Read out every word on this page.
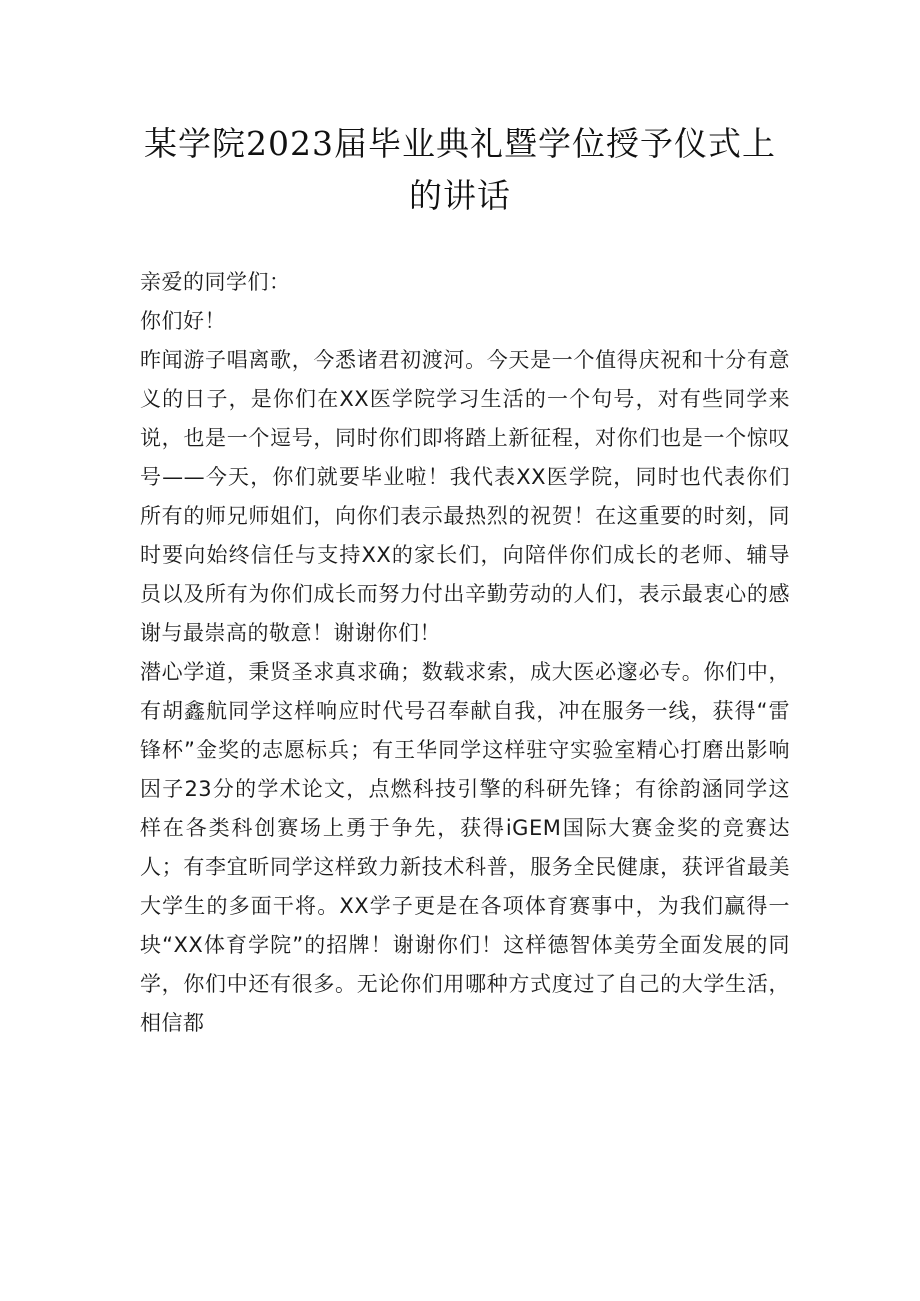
某学院2023届毕业典礼暨学位授予仪式上的讲话

亲爱的同学们：

你们好！

昨闻游子唱离歌，今悉诸君初渡河。今天是一个值得庆祝和十分有意义的日子，是你们在XX医学院学习生活的一个句号，对有些同学来说，也是一个逗号，同时你们即将踏上新征程，对你们也是一个惊叹号——今天，你们就要毕业啦！我代表XX医学院，同时也代表你们所有的师兄师姐们，向你们表示最热烈的祝贺！在这重要的时刻，同时要向始终信任与支持XX的家长们，向陪伴你们成长的老师、辅导员以及所有为你们成长而努力付出辛勤劳动的人们，表示最衷心的感谢与最崇高的敬意！谢谢你们！

潜心学道，秉贤圣求真求确；数载求索，成大医必邃必专。你们中，有胡鑫航同学这样响应时代号召奉献自我，冲在服务一线，获得“雷锋杯”金奖的志愿标兵；有王华同学这样驻守实验室精心打磨出影响因子23分的学术论文，点燃科技引擎的科研先锋；有徐韵涵同学这样在各类科创赛场上勇于争先，获得iGEM国际大赛金奖的竞赛达人；有李宜昕同学这样致力新技术科普，服务全民健康，获评省最美大学生的多面干将。XX学子更是在各项体育赛事中，为我们赢得一块“XX体育学院”的招牌！谢谢你们！这样德智体美劳全面发展的同学，你们中还有很多。无论你们用哪种方式度过了自己的大学生活，相信都
